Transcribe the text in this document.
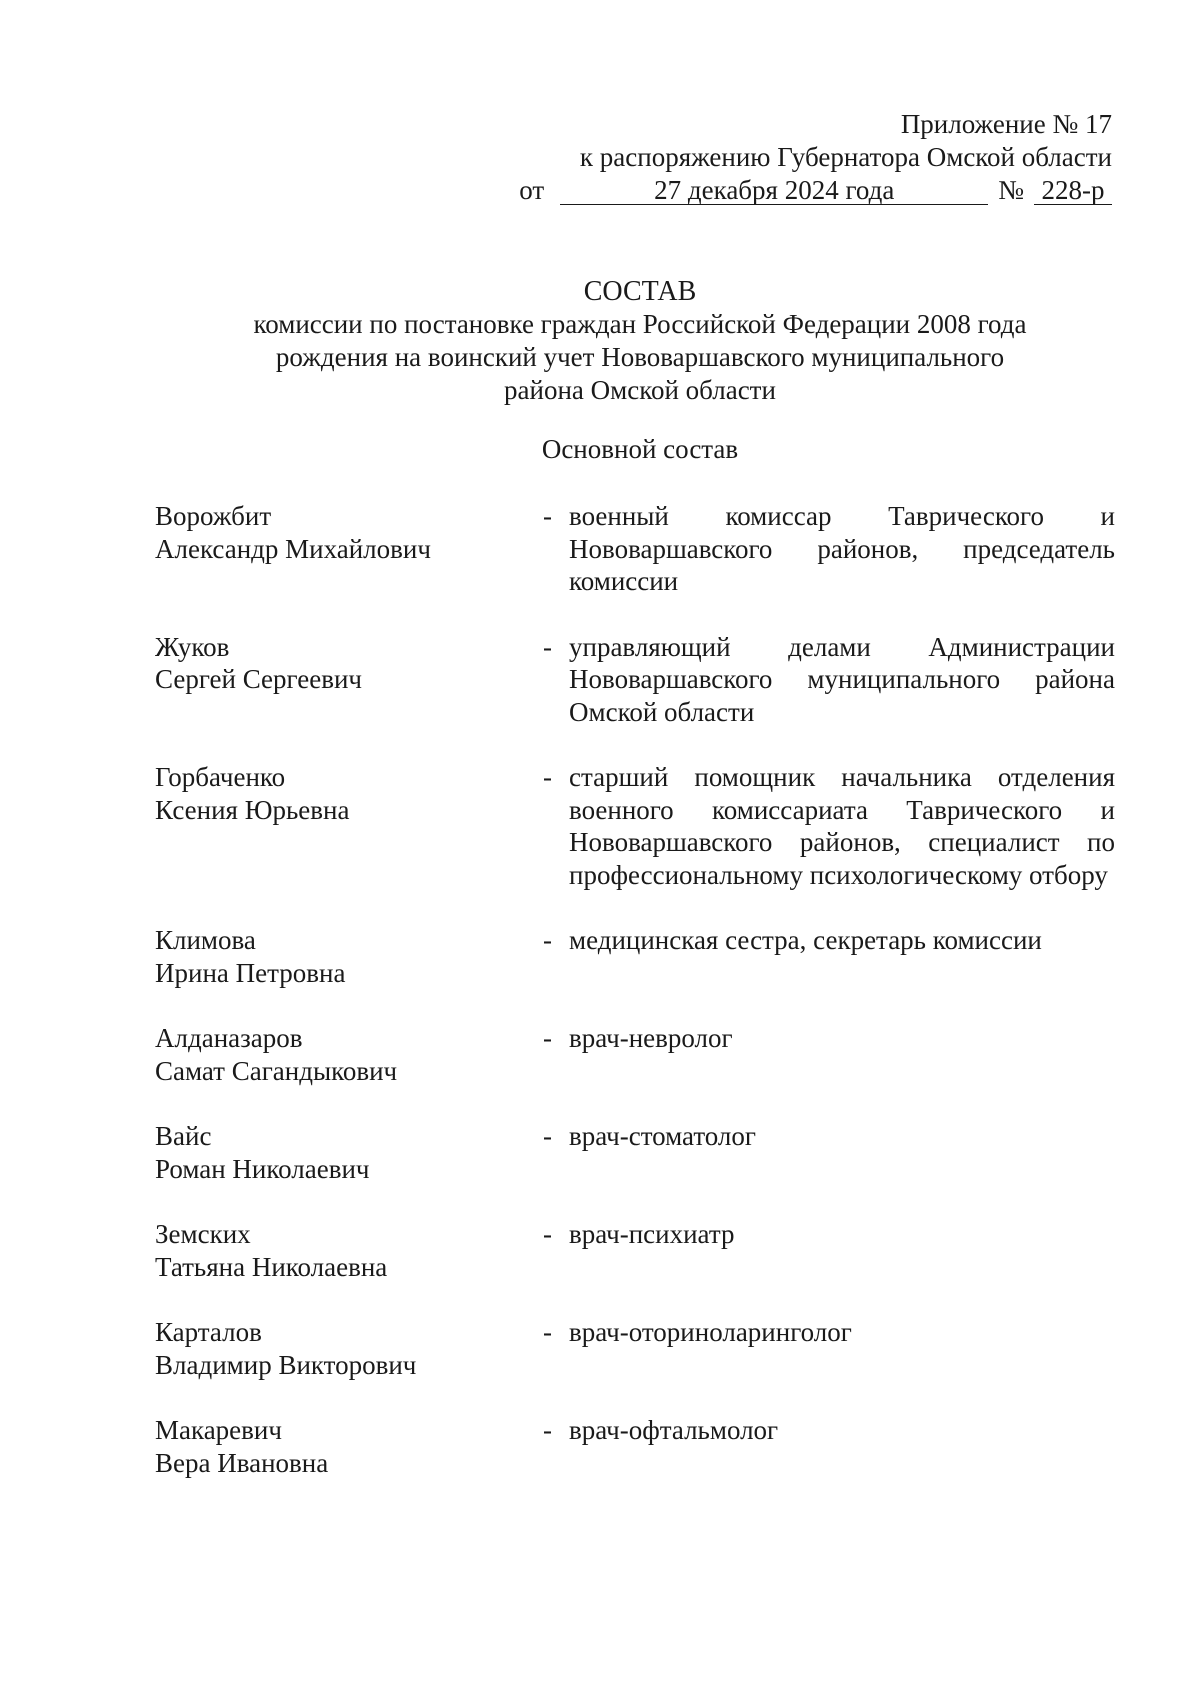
Приложение № 17
к распоряжению Губернатора Омской области
от	27 декабря 2024 года	№ 228-р
СОСТАВ
комиссии по постановке граждан Российской Федерации 2008 года
рождения на воинский учет Нововаршавского муниципального
района Омской области
Основной состав
Ворожбит
Александр Михайлович
- военный комиссар Таврического и Нововаршавского районов, председатель комиссии
Жуков
Сергей Сергеевич
- управляющий делами Администрации Нововаршавского муниципального района Омской области
Горбаченко
Ксения Юрьевна
- старший помощник начальника отделения военного комиссариата Таврического и Нововаршавского районов, специалист по профессиональному психологическому отбору
Климова
Ирина Петровна
- медицинская сестра, секретарь комиссии
Алданазаров
Самат Сагандыкович
- врач-невролог
Вайс
Роман Николаевич
- врач-стоматолог
Земских
Татьяна Николаевна
- врач-психиатр
Карталов
Владимир Викторович
- врач-оториноларинголог
Макаревич
Вера Ивановна
- врач-офтальмолог
